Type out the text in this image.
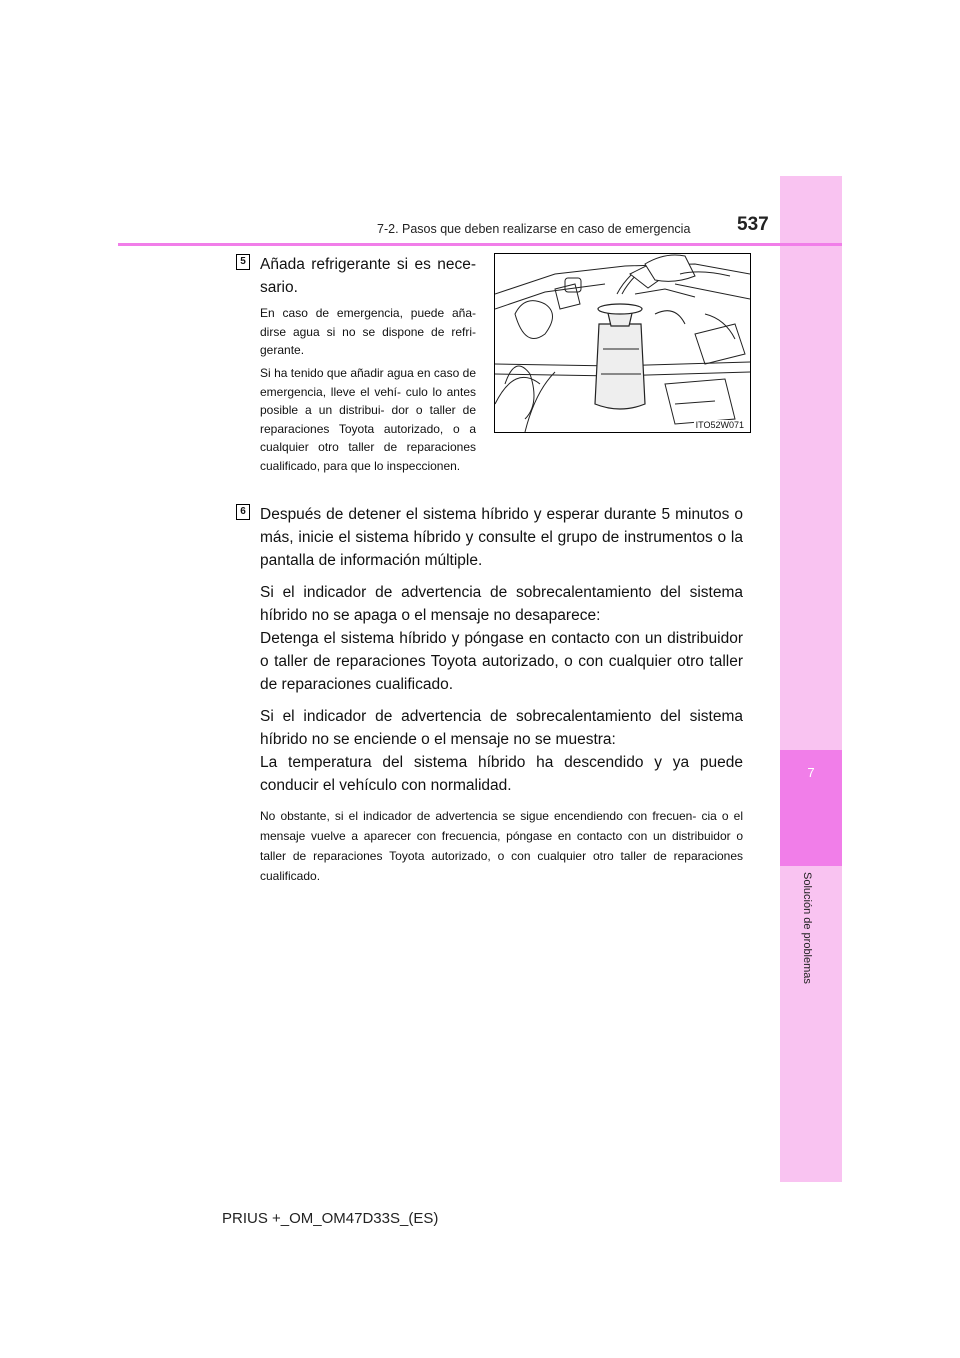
7
Solución de problemas
7-2. Pasos que deben realizarse en caso de emergencia 537
5 Añada refrigerante si es nece- sario.
En caso de emergencia, puede aña- dirse agua si no se dispone de refri- gerante.
Si ha tenido que añadir agua en caso de emergencia, lleve el vehí- culo lo antes posible a un distribui- dor o taller de reparaciones Toyota autorizado, o a cualquier otro taller de reparaciones cualificado, para que lo inspeccionen.
ITO52W071
6 Después de detener el sistema híbrido y esperar durante 5 minutos o más, inicie el sistema híbrido y consulte el grupo de instrumentos o la pantalla de información múltiple.

Si el indicador de advertencia de sobrecalentamiento del sistema híbrido no se apaga o el mensaje no desaparece:
Detenga el sistema híbrido y póngase en contacto con un distribuidor o taller de reparaciones Toyota autorizado, o con cualquier otro taller de reparaciones cualificado.

Si el indicador de advertencia de sobrecalentamiento del sistema híbrido no se enciende o el mensaje no se muestra:
La temperatura del sistema híbrido ha descendido y ya puede conducir el vehículo con normalidad.

No obstante, si el indicador de advertencia se sigue encendiendo con frecuen- cia o el mensaje vuelve a aparecer con frecuencia, póngase en contacto con un distribuidor o taller de reparaciones Toyota autorizado, o con cualquier otro taller de reparaciones cualificado.

PRIUS +_OM_OM47D33S_(ES)
